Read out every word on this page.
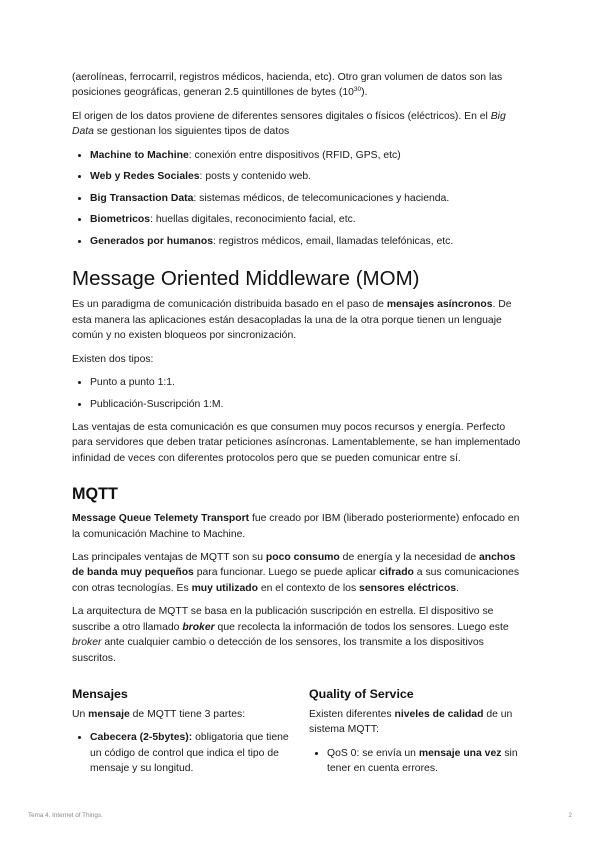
(aerolíneas, ferrocarril, registros médicos, hacienda, etc). Otro gran volumen de datos son las posiciones geográficas, generan 2.5 quintillones de bytes $(10^{30})$.

El origen de los datos proviene de diferentes sensores digitales o físicos (eléctricos). En el Big Data se gestionan los siguientes tipos de datos

• Machine to Machine: conexión entre dispositivos (RFID, GPS, etc)
• Web y Redes Sociales: posts y contenido web.
• Big Transaction Data: sistemas médicos, de telecomunicaciones y hacienda.
• Biometricos: huellas digitales, reconocimiento facial, etc.
• Generados por humanos: registros médicos, email, llamadas telefónicas, etc.
Message Oriented Middleware (MOM)

Es un paradigma de comunicación distribuida basado en el paso de mensajes asíncronos. De esta manera las aplicaciones están desacopladas la una de la otra porque tienen un lenguaje común y no existen bloqueos por sincronización.

Existen dos tipos:

• Punto a punto 1:1.
• Publicación-Suscripción 1:M.

Las ventajas de esta comunicación es que consumen muy pocos recursos y energía. Perfecto para servidores que deben tratar peticiones asíncronas. Lamentablemente, se han implementado infinidad de veces con diferentes protocolos pero que se pueden comunicar entre sí.

MQTT

Message Queue Telemety Transport fue creado por IBM (liberado posteriormente) enfocado en la comunicación Machine to Machine.

Las principales ventajas de MQTT son su poco consumo de energía y la necesidad de anchos de banda muy pequeños para funcionar. Luego se puede aplicar cifrado a sus comunicaciones con otras tecnologías. Es muy utilizado en el contexto de los sensores eléctricos.

La arquitectura de MQTT se basa en la publicación suscripción en estrella. El dispositivo se suscribe a otro llamado broker que recolecta la información de todos los sensores. Luego este broker ante cualquier cambio o detección de los sensores, los transmite a los dispositivos suscritos.

Mensajes

Un mensaje de MQTT tiene 3 partes:

• Cabecera (2-5bytes): obligatoria que tiene un código de control que indica el tipo de mensaje y su longitud.
Quality of Service

Existen diferentes niveles de calidad de un sistema MQTT:

• QoS 0: se envía un mensaje una vez sin tener en cuenta errores.
Tema 4. Internet of Things.	2
